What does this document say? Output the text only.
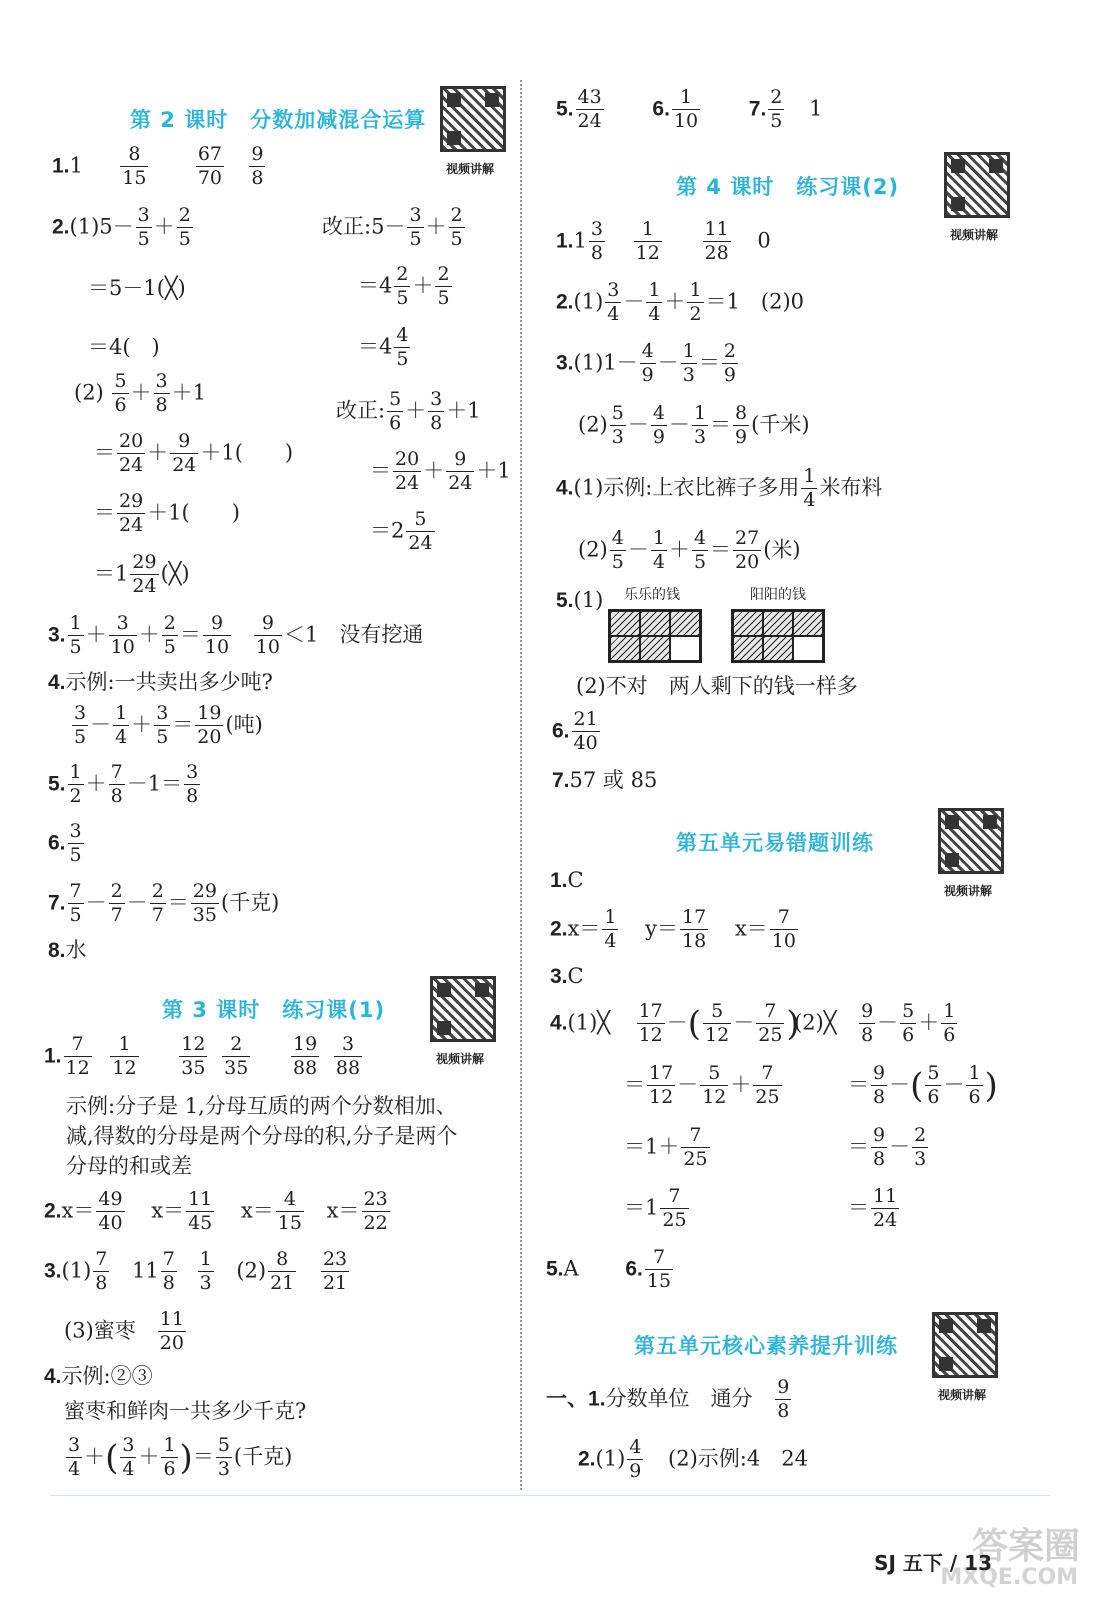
第 2 课时　分数加减混合运算
视频讲解
$1.1 \frac{8}{15}$
$\frac{67}{70}$
$\frac{9}{8}$
$2.(1)5- \frac{3}{5} + \frac{2}{5}$	改正:5－ $\frac{3}{5} + \frac{2}{5}$
＝5－1(╳)	$=4 \frac{2}{5} + \frac{2}{5}$
＝4(　)	$=4 \frac{4}{5}$
$(2) \frac{5}{6} + \frac{3}{8} +1$
改正: $\frac{5}{6} + \frac{3}{8} +1$
＝ $\frac{20}{24} + \frac{9}{24} +1$(　　)
＝ $\frac{20}{24} + \frac{9}{24} +1$
＝ $\frac{29}{24} +1$(　　)
$=2 \frac{5}{24}$
$=1 \frac{29}{24}$ (╳)
3. $\frac{1}{5} + \frac{3}{10} + \frac{2}{5} = \frac{9}{10}$
$\frac{9}{10} <1$　没有挖通
4.示例:一共卖出多少吨?
$\frac{3}{5} - \frac{1}{4} + \frac{3}{5} = \frac{19}{20}$ (吨)
5. $\frac{1}{2} + \frac{7}{8} -1= \frac{3}{8}$
6. $\frac{3}{5}$
7. $\frac{7}{5} - \frac{2}{7} - \frac{2}{7} = \frac{29}{35}$ (千克)
8.水
第 3 课时　练习课(1)
视频讲解
1. $\frac{7}{12}$
$\frac{1}{12}$
$\frac{12}{35}$
$\frac{2}{35}$
$\frac{19}{88}$
$\frac{3}{88}$
示例:分子是 1,分母互质的两个分数相加、
减,得数的分母是两个分母的积,分子是两个
分母的和或差
$2.x= \frac{49}{40} x= \frac{11}{45} x= \frac{4}{15} x= \frac{23}{22}$
$3.(1) \frac{7}{8} 11 \frac{7}{8}$
$\frac{1}{3} (2) \frac{8}{21}$
$\frac{23}{21}$
(3)蜜枣 $\frac{11}{20}$
4.示例:②③
蜜枣和鲜肉一共多少千克?
$\frac{3}{4}$ ＋( $\frac{3}{4} + \frac{1}{6}$ )＝ $\frac{5}{3}$ (千克)
5. $\frac{43}{24} 6$. $\frac{1}{10} 7$. $\frac{2}{5} 1$
第 4 课时　练习课(2)
视频讲解
$1.1 \frac{3}{8}$
$\frac{1}{12}$
$\frac{11}{28} 0$
$2.(1) \frac{3}{4} - \frac{1}{4} + \frac{1}{2} =1$　(2)0
$3.(1)1- \frac{4}{9} - \frac{1}{3} = \frac{2}{9}$
$(2) \frac{5}{3} - \frac{4}{9} - \frac{1}{3} = \frac{8}{9}$ (千米)
4.(1)示例:上衣比裤子多用 $\frac{1}{4}$ 米布料
$(2) \frac{4}{5} - \frac{1}{4} + \frac{4}{5} = \frac{27}{20}$ (米)
5.(1) 乐乐的钱	阳阳的钱
(2)不对　两人剩下的钱一样多
6. $\frac{21}{40}$
7.57 或 85
第五单元易错题训练
视频讲解
1.C
$2.x= \frac{1}{4} y= \frac{17}{18} x= \frac{7}{10}$
3.C
4.(1)╳ $\frac{17}{12}$ －( $\frac{5}{12} - \frac{7}{25}$ )
(2)╳ $\frac{9}{8} - \frac{5}{6} + \frac{1}{6}$
＝ $\frac{17}{12} - \frac{5}{12} + \frac{7}{25}$	＝ $\frac{9}{8}$ －( $\frac{5}{6} - \frac{1}{6}$ )
$=1+ \frac{7}{25}$	＝ $\frac{9}{8} - \frac{2}{3}$
$=1 \frac{7}{25}$	＝ $\frac{11}{24}$
5.A 6. $\frac{7}{15}$
第五单元核心素养提升训练
视频讲解
一、1.分数单位　通分 $\frac{9}{8}$
$2.(1) \frac{4}{9} (2)$示例:4　24
答案圈
MXQE.COM
SJ 五下 / 13
